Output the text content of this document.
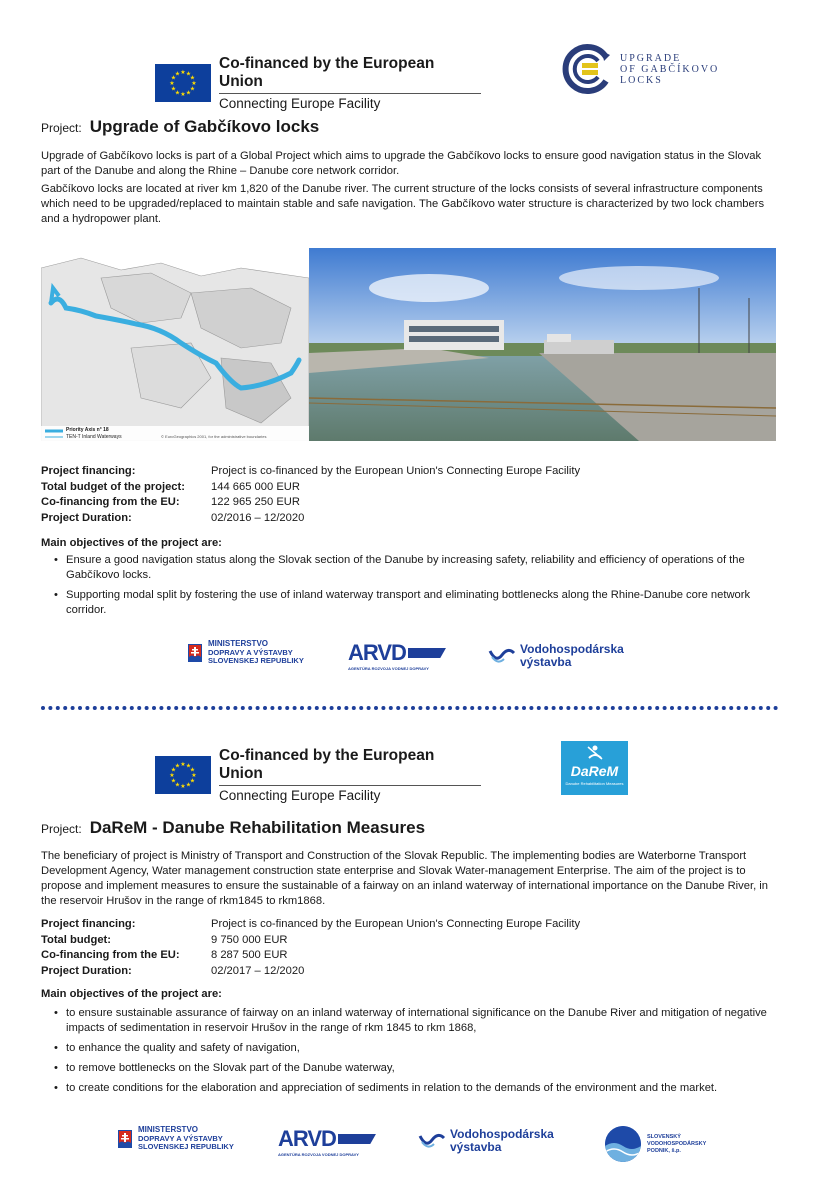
★ ★
★
★
★
★
★
★
★
★
★
★
Co-financed by the European Union
Connecting Europe Facility
UPGRADE
OF GABČÍKOVO
LOCKS
Project: Upgrade of Gabčíkovo locks
Upgrade of Gabčíkovo locks is part of a Global Project which aims to upgrade the Gabčíkovo locks to ensure good navigation status in the Slovak part of the Danube and along the Rhine – Danube core network corridor.
Gabčíkovo locks are located at river km 1,820 of the Danube river. The current structure of the locks consists of several infrastructure components which need to be upgraded/replaced to maintain stable and safe navigation. The Gabčíkovo water structure is characterized by two lock chambers and a hydropower plant.
Priority Axis n° 18
TEN-T Inland Waterways	© EuroGeographics 2001, for the administrative boundaries
Project financing:	Project is co-financed by the European Union's Connecting Europe Facility
Total budget of the project:	144 665 000 EUR
Co-financing from the EU:	122 965 250 EUR
Project Duration:	02/2016 – 12/2020
Main objectives of the project are:
• Ensure a good navigation status along the Slovak section of the Danube by increasing safety, reliability and efficiency of operations of the Gabčíkovo locks.
• Supporting modal split by fostering the use of inland waterway transport and eliminating bottlenecks along the Rhine-Danube core network corridor.
MINISTERSTVO
DOPRAVY A VÝSTAVBY
SLOVENSKEJ REPUBLIKY ARVD
AGENTÚRA ROZVOJA VODNEJ DOPRAVY
Vodohospodárska
výstavba
★ ★
★
★
★
★
★
★
★
★
★
★
Co-financed by the European Union
Connecting Europe Facility
DaReM
Danube Rehabilitation Measures
Project: DaReM - Danube Rehabilitation Measures
The beneficiary of project is Ministry of Transport and Construction of the Slovak Republic. The implementing bodies are Waterborne Transport Development Agency, Water management construction state enterprise and Slovak Water-management Enterprise. The aim of the project is to propose and implement measures to ensure the sustainable of a fairway on an inland waterway of international importance on the Danube River, in the reservoir Hrušov in the range of rkm1845 to rkm1868.
Project financing:	Project is co-financed by the European Union's Connecting Europe Facility
Total budget:	9 750 000 EUR
Co-financing from the EU:	8 287 500 EUR
Project Duration:	02/2017 – 12/2020
Main objectives of the project are:
• to ensure sustainable assurance of fairway on an inland waterway of international significance on the Danube River and mitigation of negative impacts of sedimentation in reservoir Hrušov in the range of rkm 1845 to rkm 1868,
• to enhance the quality and safety of navigation,
• to remove bottlenecks on the Slovak part of the Danube waterway,
• to create conditions for the elaboration and appreciation of sediments in relation to the demands of the environment and the market.
MINISTERSTVO
DOPRAVY A VÝSTAVBY
SLOVENSKEJ REPUBLIKY ARVD
AGENTÚRA ROZVOJA VODNEJ DOPRAVY
Vodohospodárska
výstavba
SLOVENSKÝ
VODOHOSPODÁRSKY
PODNIK, š.p.
